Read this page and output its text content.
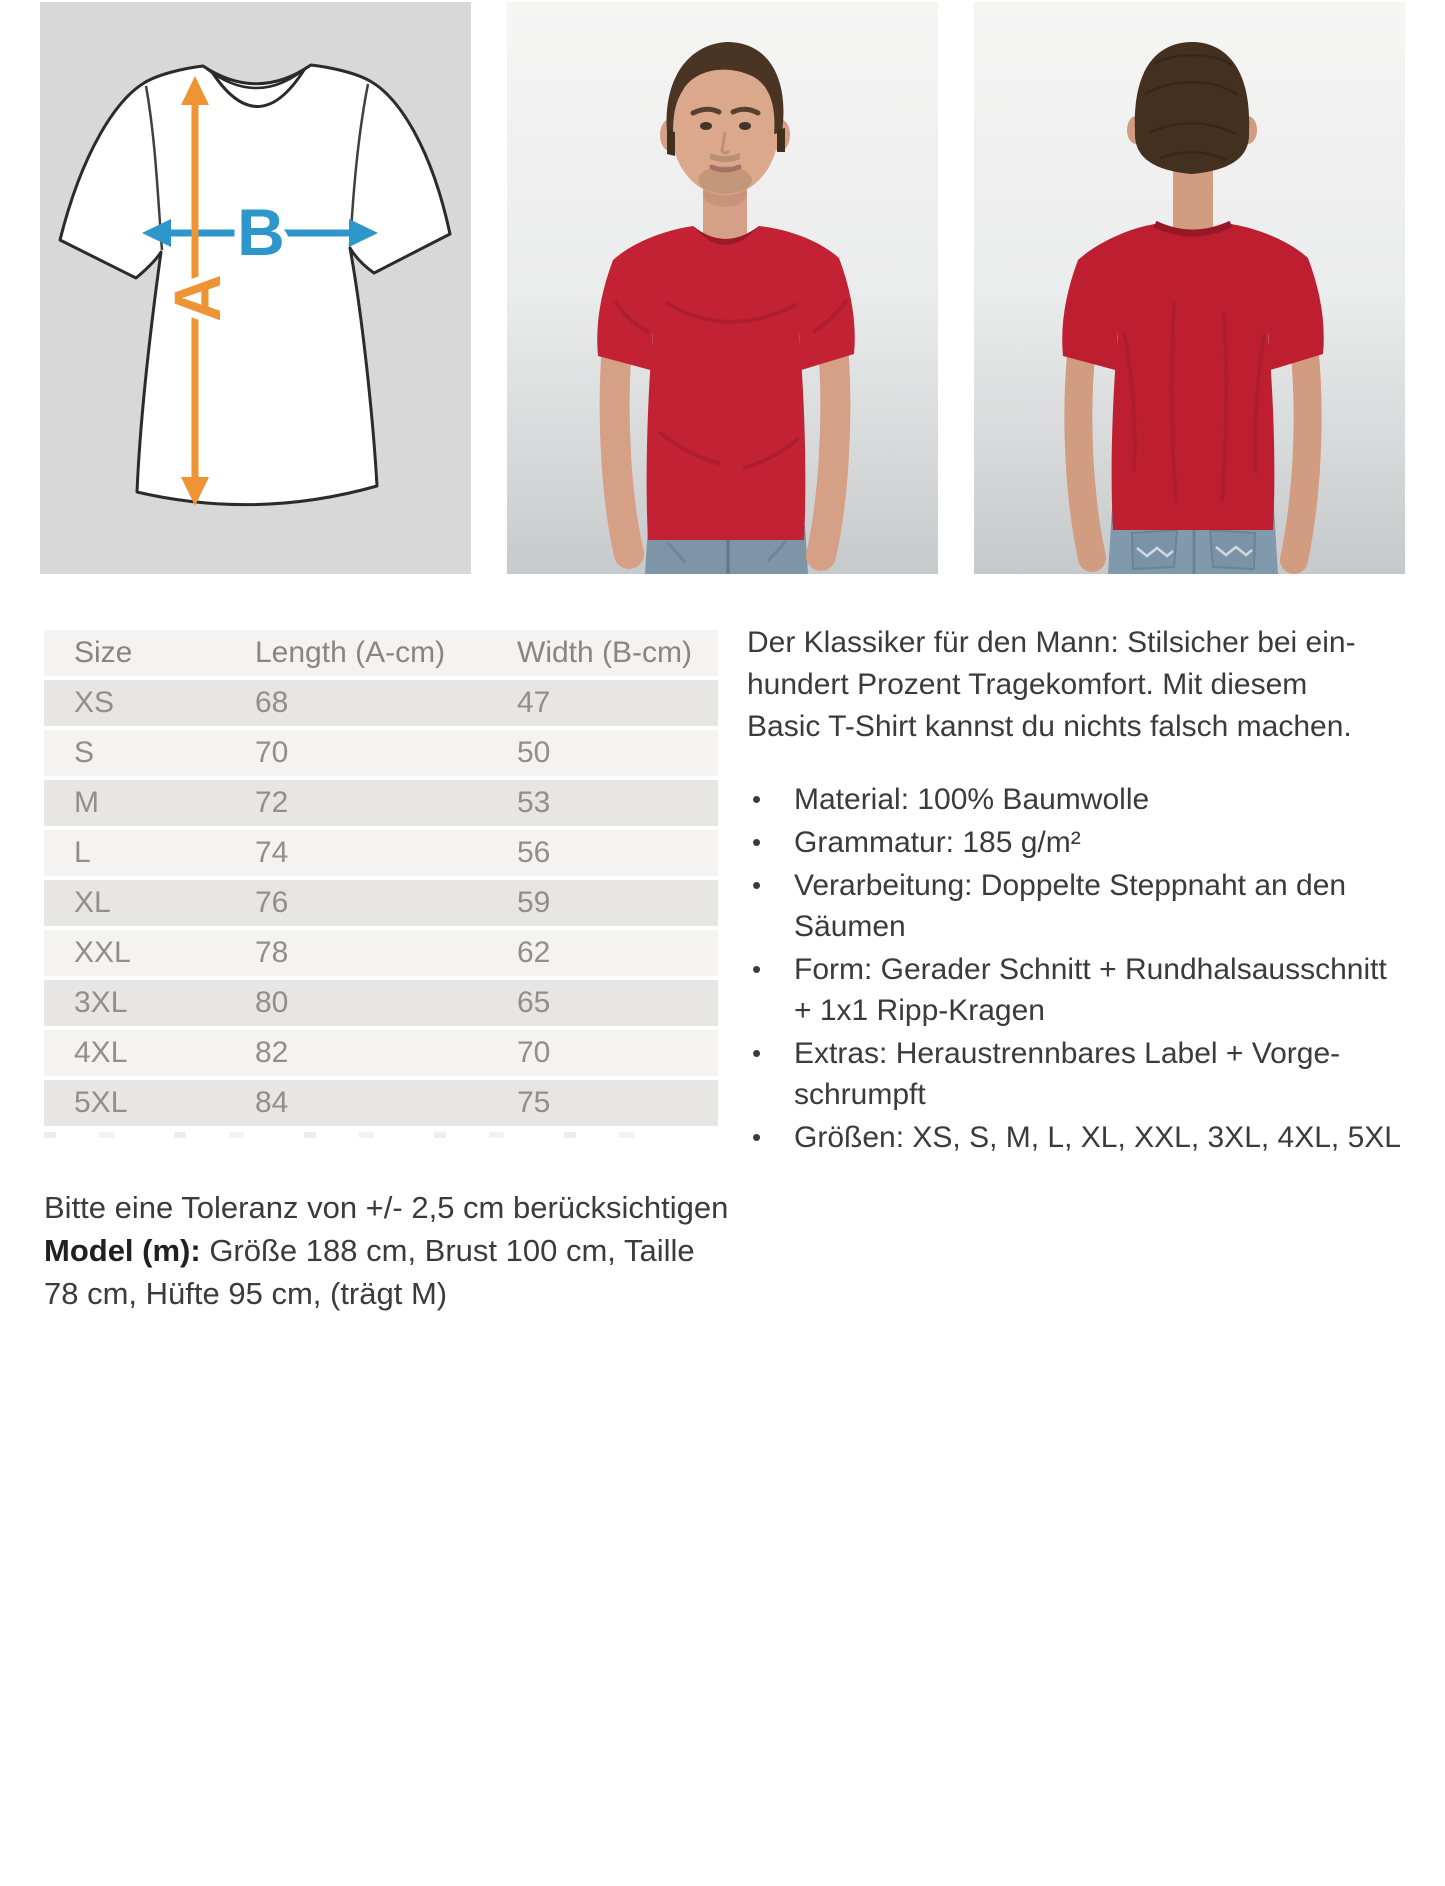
B
A
Size	Length (A-cm)	Width (B-cm)
XS	68	47
S	70	50
M	72	53
L	74	56
XL	76	59
XXL	78	62
3XL	80	65
4XL	82	70
5XL	84	75
Der Klassiker für den Mann: Stilsicher bei ein-
hundert Prozent Tragekomfort. Mit diesem
Basic T-Shirt kannst du nichts falsch machen.
•	Material: 100% Baumwolle
•	Grammatur: 185 g/m²
•	Verarbeitung: Doppelte Steppnaht an den
Säumen
•	Form: Gerader Schnitt + Rundhalsausschnitt
+ 1x1 Ripp-Kragen
•	Extras: Heraustrennbares Label + Vorge-
schrumpft
•	Größen: XS, S, M, L, XL, XXL, 3XL, 4XL, 5XL
Bitte eine Toleranz von +/- 2,5 cm berücksichtigen
Model (m): Größe 188 cm, Brust 100 cm, Taille
78 cm, Hüfte 95 cm, (trägt M)
